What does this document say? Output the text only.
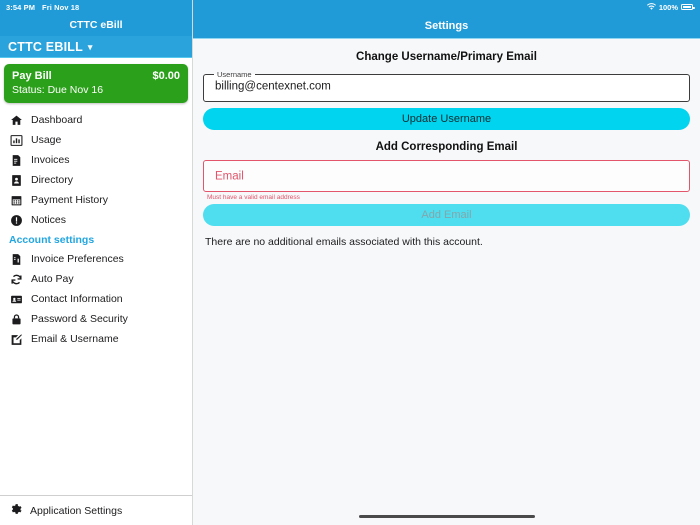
3:54 PM Fri Nov 18
CTTC eBill
CTTC EBILL ▾
Pay Bill	$0.00
Status: Due Nov 16
Dashboard
Usage
Invoices
Directory
Payment History
Notices
Account settings
Invoice Preferences
Auto Pay
Contact Information
Password & Security
Email & Username
Application Settings
100%
Settings
Change Username/Primary Email
Username
billing@centexnet.com
Update Username
Add Corresponding Email
Email
Must have a valid email address
Add Email
There are no additional emails associated with this account.
